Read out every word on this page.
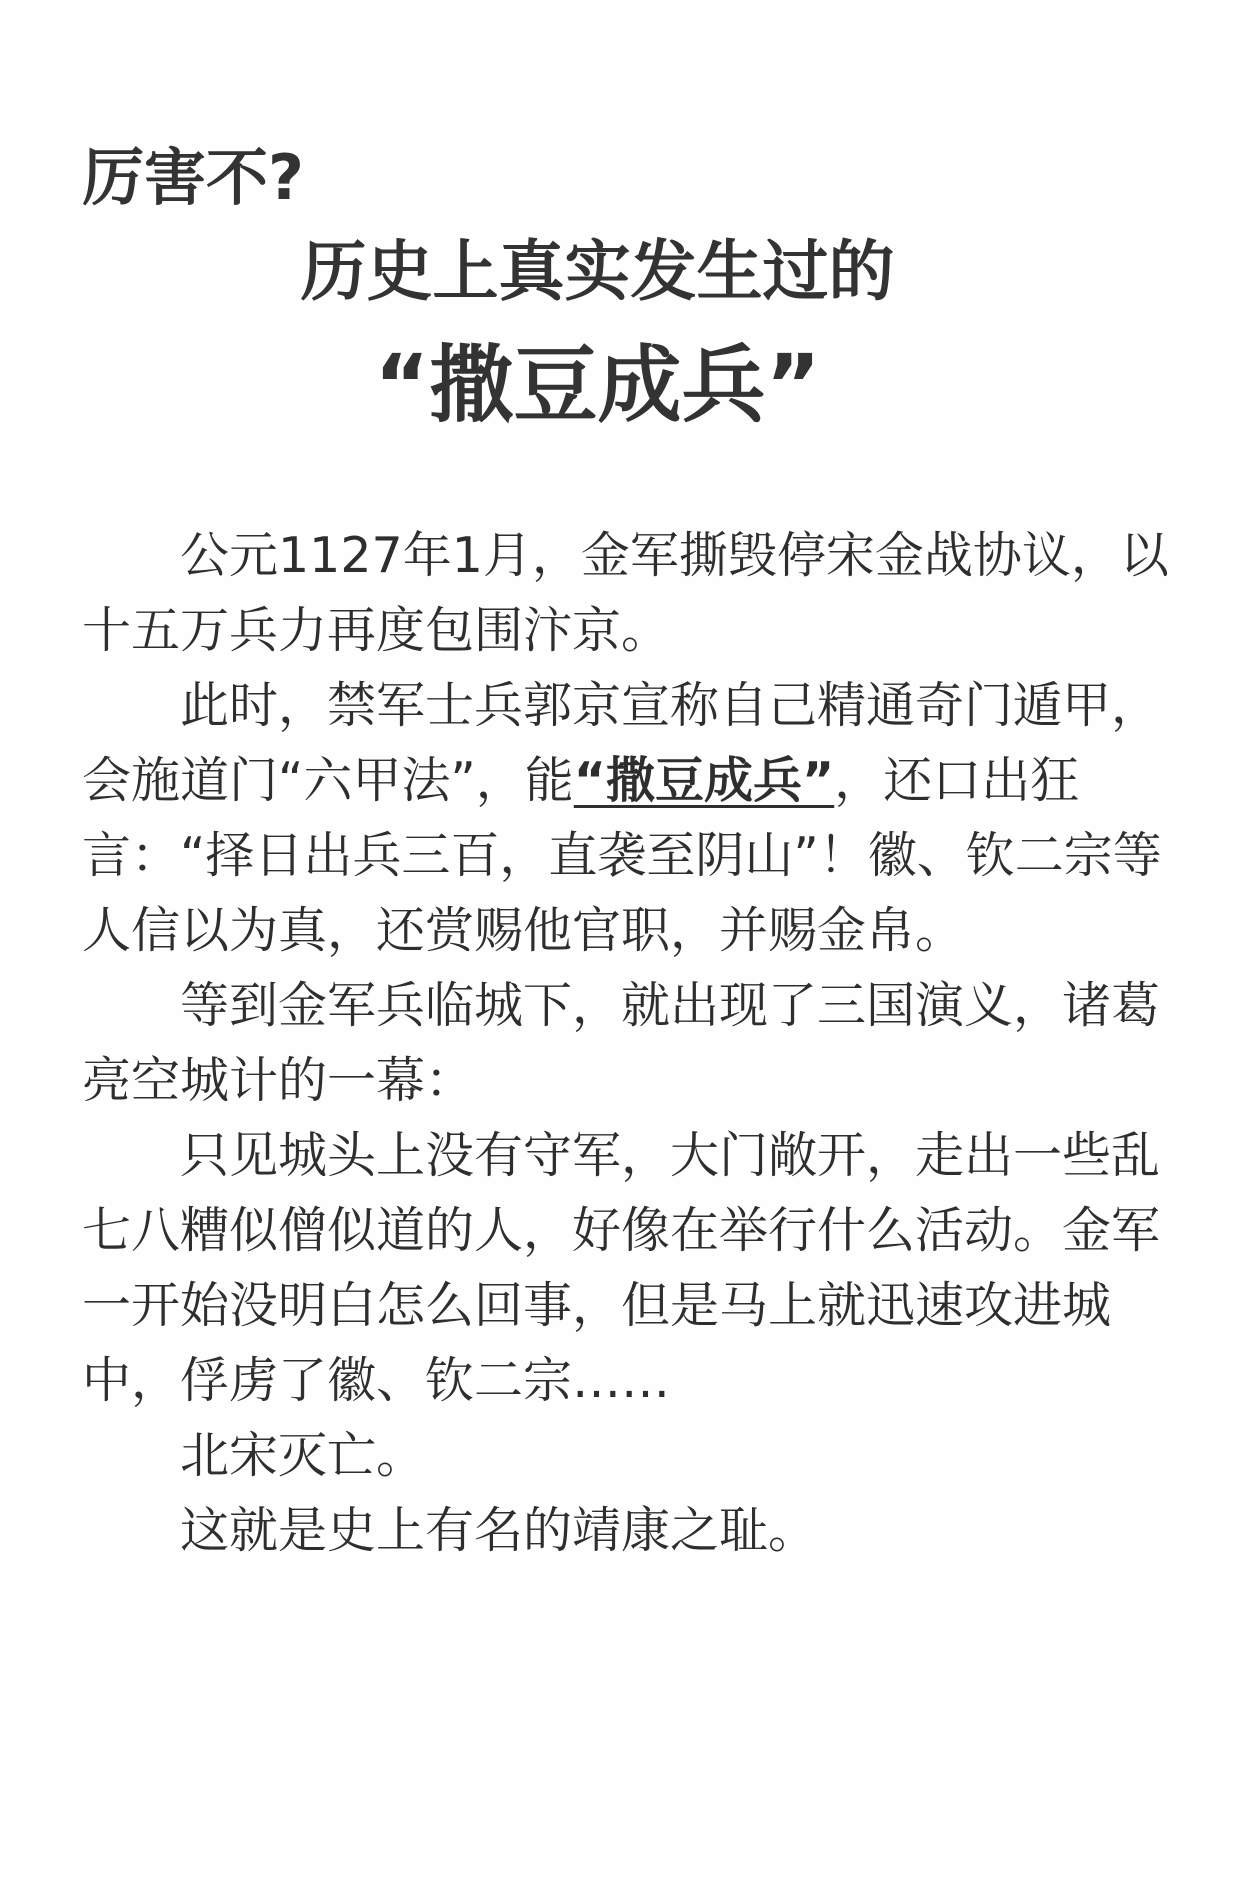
厉害不?
历史上真实发生过的
“撒豆成兵”

公元1127年1月，金军撕毁停宋金战协议，以十五万兵力再度包围汴京。

此时，禁军士兵郭京宣称自己精通奇门遁甲，会施道门“六甲法”，能“撒豆成兵”，还口出狂言：“择日出兵三百，直袭至阴山”！徽、钦二宗等人信以为真，还赏赐他官职，并赐金帛。

等到金军兵临城下，就出现了三国演义，诸葛亮空城计的一幕：

只见城头上没有守军，大门敞开，走出一些乱七八糟似僧似道的人，好像在举行什么活动。金军一开始没明白怎么回事，但是马上就迅速攻进城中，俘虏了徽、钦二宗……

北宋灭亡。

这就是史上有名的靖康之耻。
